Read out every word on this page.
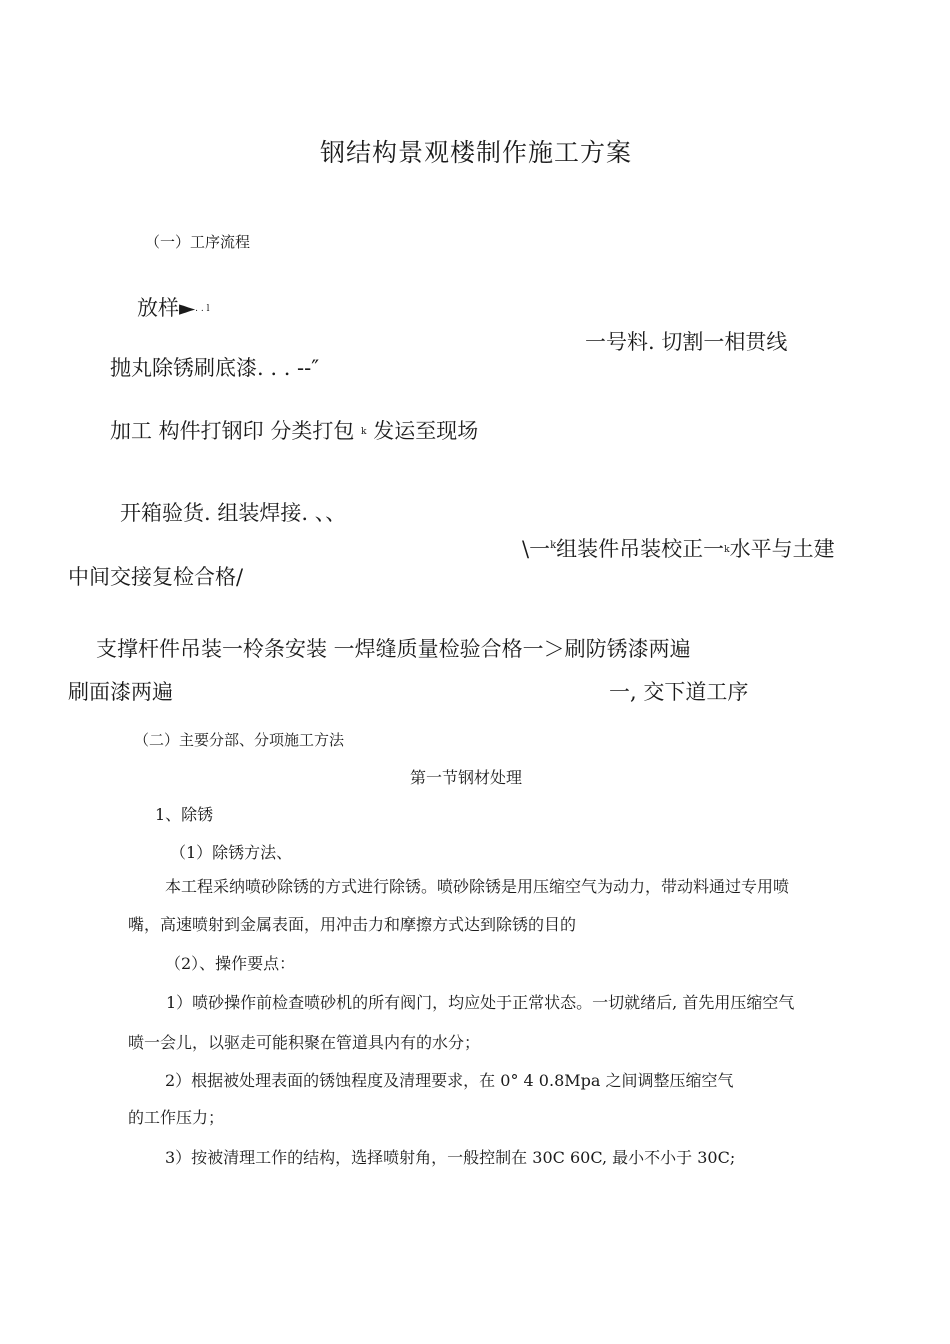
钢结构景观楼制作施工方案
（一）工序流程
放样►. . l
一号料. 切割一相贯线
抛丸除锈刷底漆. . . --″
加工 构件打钢印 分类打包 k 发运至现场
开箱验货. 组装焊接. 、、
\一$^k$组装件吊装校正一k水平与土建
中间交接复检合格/
支撑杆件吊装一柃条安装 一焊缝质量检验合格一＞刷防锈漆两遍
刷面漆两遍	一, 交下道工序
（二）主要分部、分项施工方法
第一节钢材处理
1、除锈
（1）除锈方法、
本工程采纳喷砂除锈的方式进行除锈。喷砂除锈是用压缩空气为动力，带动料通过专用喷
嘴，高速喷射到金属表面，用冲击力和摩擦方式达到除锈的目的
（2）、操作要点：
1）喷砂操作前检查喷砂机的所有阀门，均应处于正常状态。一切就绪后, 首先用压缩空气
喷一会儿，以驱走可能积聚在管道具内有的水分；
2）根据被处理表面的锈蚀程度及清理要求，在 0° 4 0.8Mpa 之间调整压缩空气
的工作压力；
3）按被清理工作的结构，选择喷射角，一般控制在 30C 60C, 最小不小于 30C;
